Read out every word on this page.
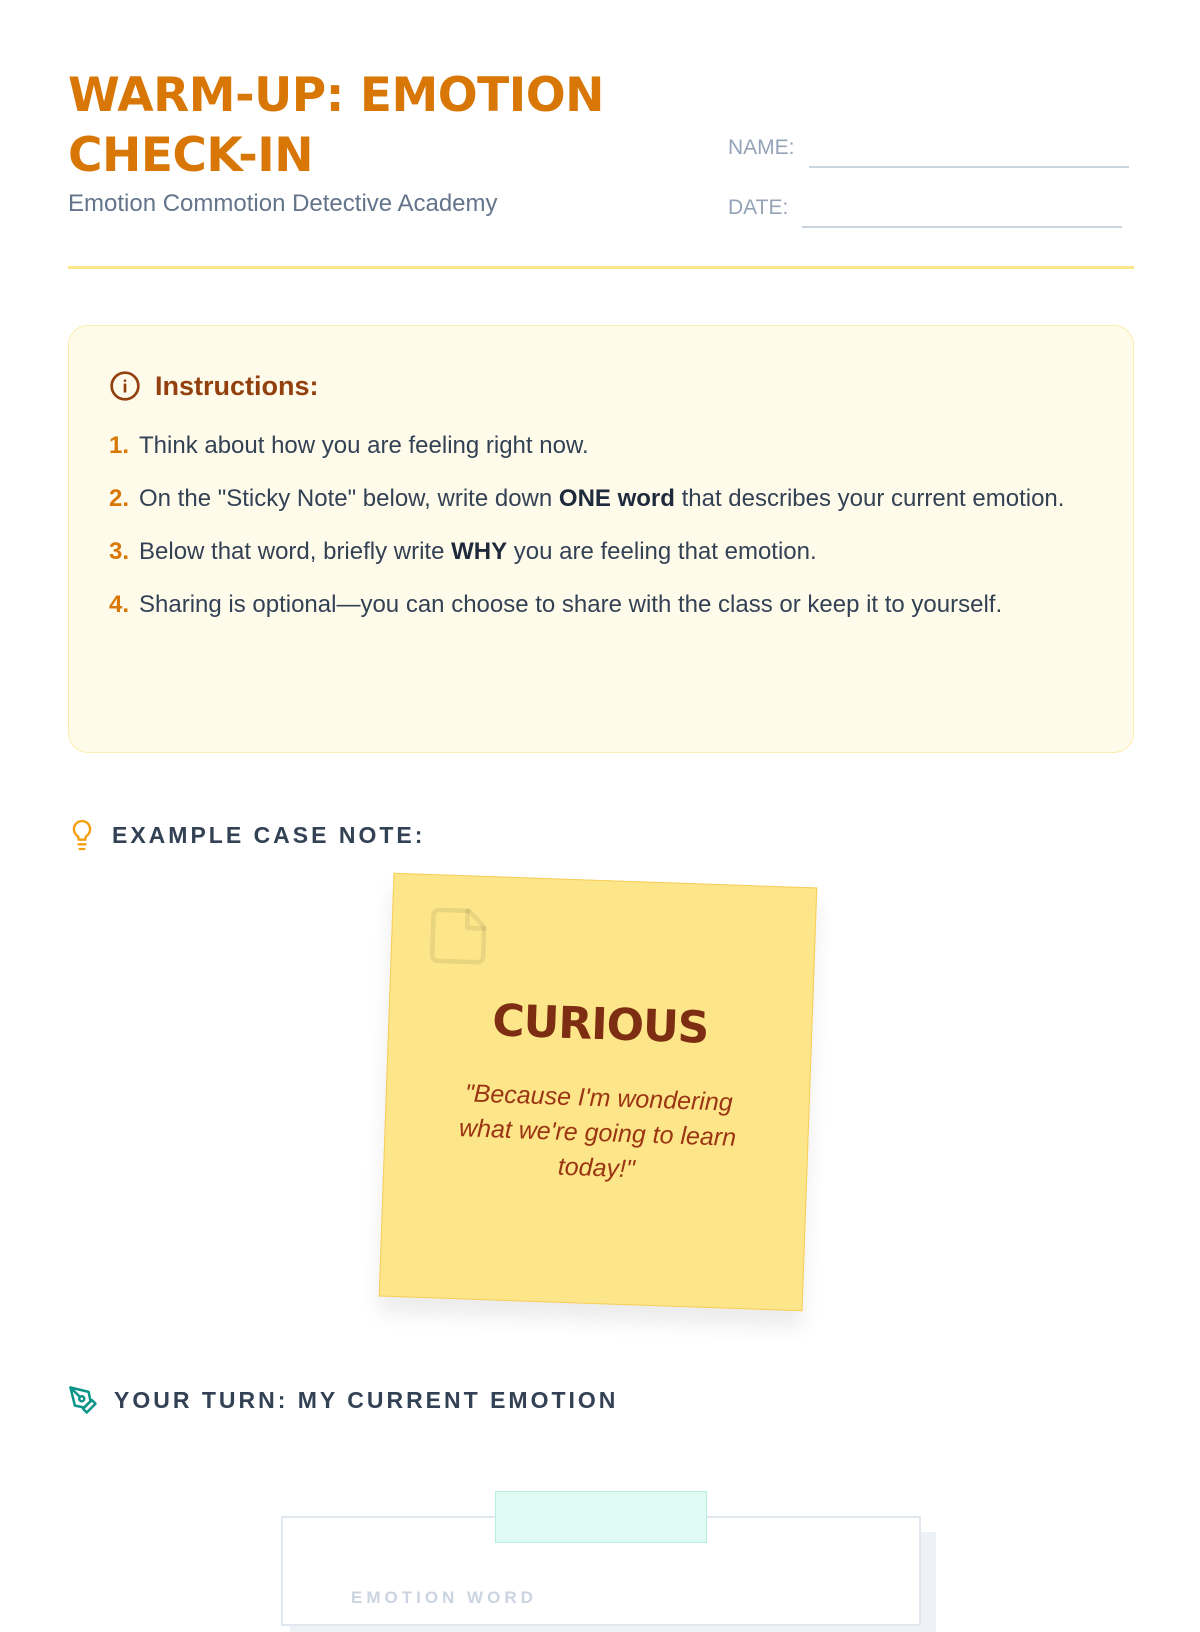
WARM-UP: EMOTION CHECK-IN
Emotion Commotion Detective Academy
NAME:
DATE:
Instructions:
1. Think about how you are feeling right now.
2. On the "Sticky Note" below, write down ONE word that describes your current emotion.
3. Below that word, briefly write WHY you are feeling that emotion.
4. Sharing is optional—you can choose to share with the class or keep it to yourself.
EXAMPLE CASE NOTE:
CURIOUS
"Because I'm wondering what we're going to learn today!"
YOUR TURN: MY CURRENT EMOTION
EMOTION WORD
